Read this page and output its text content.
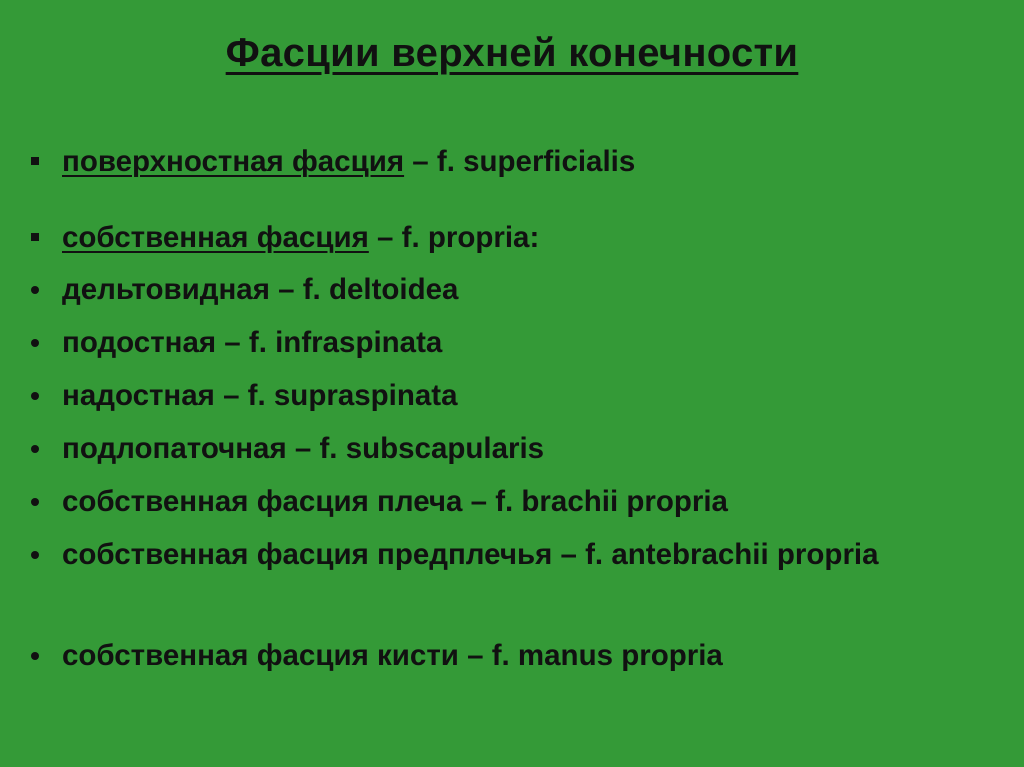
Фасции верхней конечности
поверхностная фасция – f. superficialis
собственная фасция – f. propria:
дельтовидная – f. deltoidea
подостная – f. infraspinata
надостная – f. supraspinata
подлопаточная – f. subscapularis
собственная фасция плеча – f. brachii propria
собственная фасция предплечья – f. antebrachii propria
собственная фасция кисти – f. manus propria
